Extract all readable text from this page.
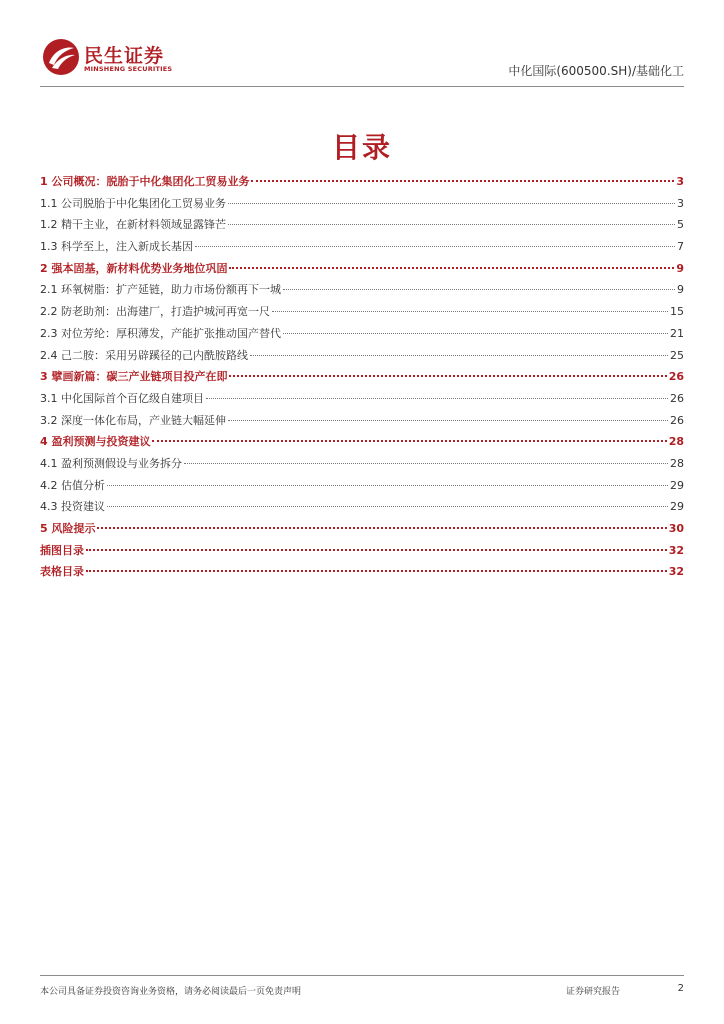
民生证券
MINSHENG SECURITIES	中化国际(600500.SH)/基础化工
目录
1 公司概况：脱胎于中化集团化工贸易业务	3
1.1 公司脱胎于中化集团化工贸易业务	3
1.2 精干主业，在新材料领域显露锋芒	5
1.3 科学至上，注入新成长基因	7
2 强本固基，新材料优势业务地位巩固	9
2.1 环氧树脂：扩产延链，助力市场份额再下一城	9
2.2 防老助剂：出海建厂，打造护城河再宽一尺	15
2.3 对位芳纶：厚积薄发，产能扩张推动国产替代	21
2.4 己二胺：采用另辟蹊径的己内酰胺路线	25
3 擘画新篇：碳三产业链项目投产在即	26
3.1 中化国际首个百亿级自建项目	26
3.2 深度一体化布局，产业链大幅延伸	26
4 盈利预测与投资建议	28
4.1 盈利预测假设与业务拆分	28
4.2 估值分析	29
4.3 投资建议	29
5 风险提示	30
插图目录	32
表格目录	32
本公司具备证券投资咨询业务资格，请务必阅读最后一页免责声明	证券研究报告	2
